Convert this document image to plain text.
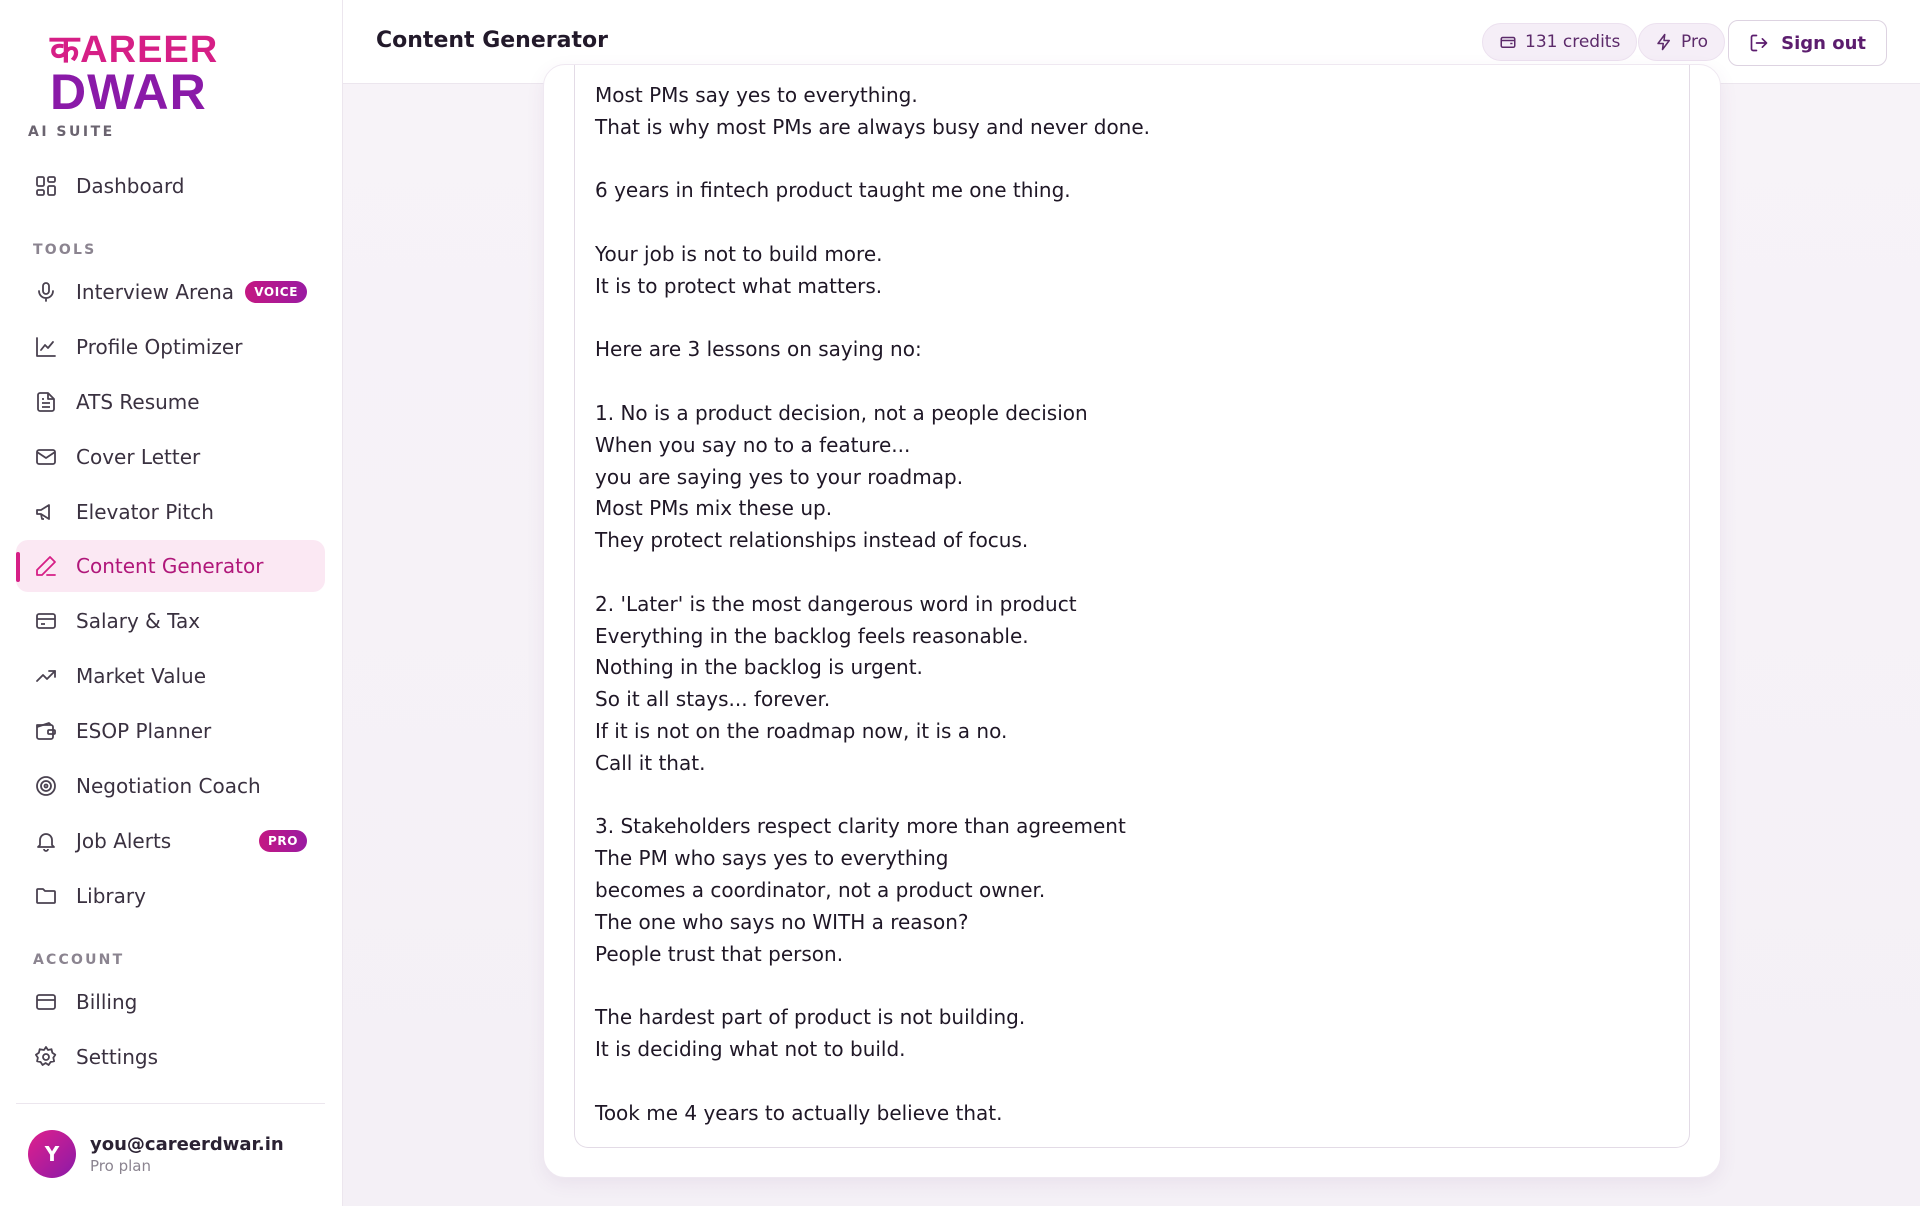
कAREER
DWAR
AI SUITE
Dashboard
TOOLS
Interview Arena	VOICE
Profile Optimizer
ATS Resume
Cover Letter
Elevator Pitch
Content Generator
Salary & Tax
Market Value
ESOP Planner
Negotiation Coach
Job Alerts	PRO
Library
ACCOUNT
Billing
Settings
Y	you@careerdwar.in
Pro plan
Content Generator	131 credits	Pro	Sign out
Most PMs say yes to everything.
That is why most PMs are always busy and never done.
6 years in fintech product taught me one thing.
Your job is not to build more.
It is to protect what matters.
Here are 3 lessons on saying no:
1. No is a product decision, not a people decision
When you say no to a feature...
you are saying yes to your roadmap.
Most PMs mix these up.
They protect relationships instead of focus.
2. 'Later' is the most dangerous word in product
Everything in the backlog feels reasonable.
Nothing in the backlog is urgent.
So it all stays... forever.
If it is not on the roadmap now, it is a no.
Call it that.
3. Stakeholders respect clarity more than agreement
The PM who says yes to everything
becomes a coordinator, not a product owner.
The one who says no WITH a reason?
People trust that person.
The hardest part of product is not building.
It is deciding what not to build.
Took me 4 years to actually believe that.
